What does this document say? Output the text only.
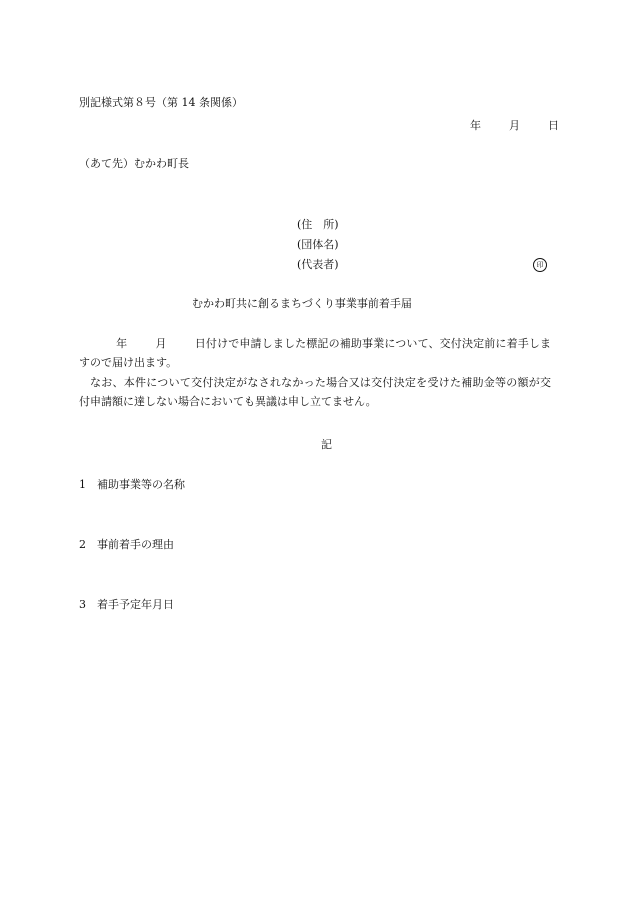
別記様式第８号（第 14 条関係）
年	月	日
（あて先）むかわ町長
(住　所)
(団体名)
(代表者)	印
むかわ町共に創るまちづくり事業事前着手届
年	月	日付けで申請しました標記の補助事業について、交付決定前に着手しますので届け出ます。
なお、本件について交付決定がなされなかった場合又は交付決定を受けた補助金等の額が交付申請額に達しない場合においても異議は申し立てません。
記
1 補助事業等の名称
2 事前着手の理由
3 着手予定年月日
